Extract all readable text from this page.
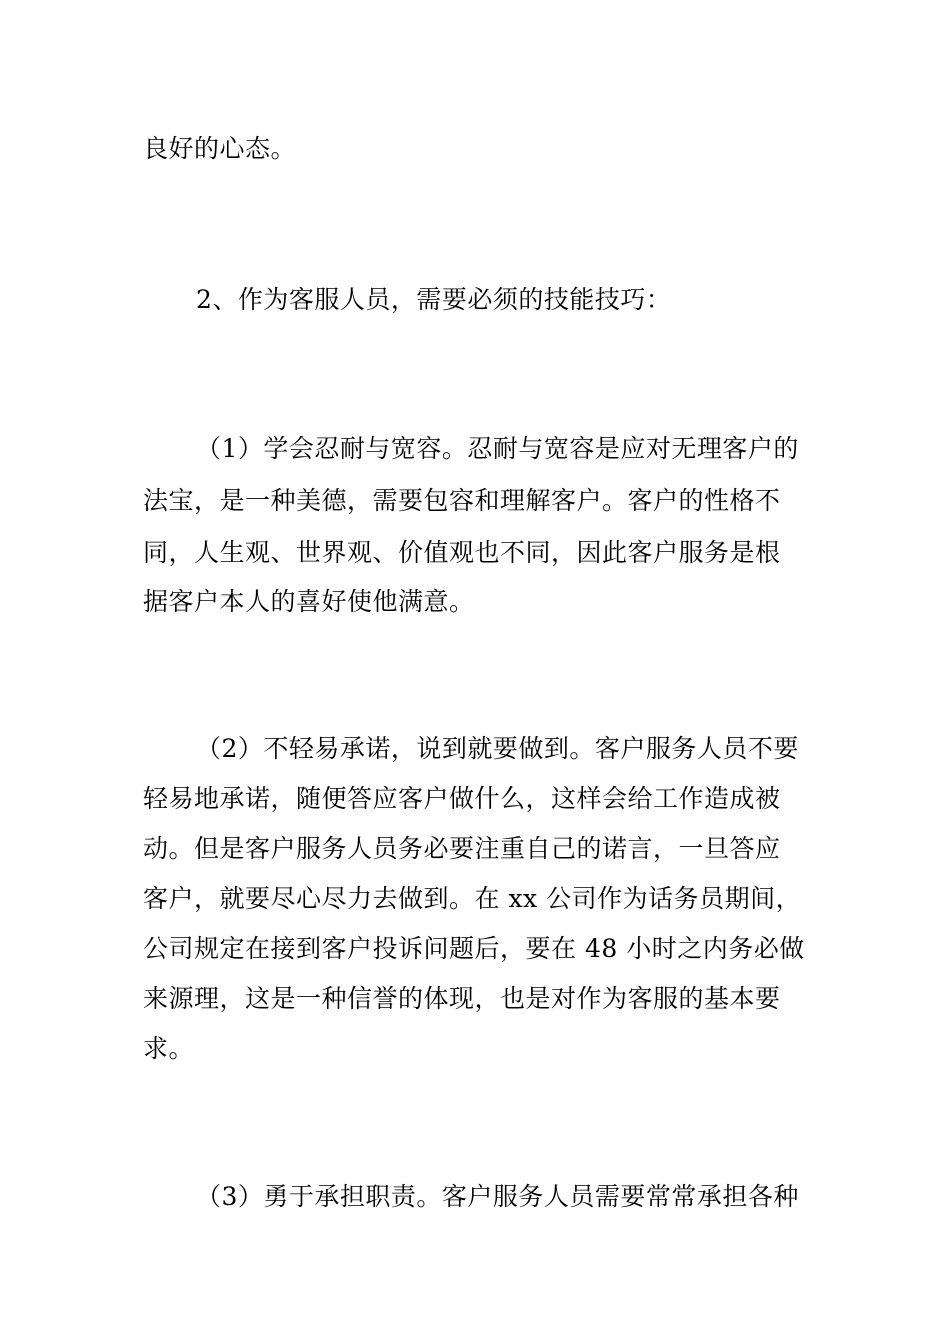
良好的心态。
2、作为客服人员，需要必须的技能技巧：
（1）学会忍耐与宽容。忍耐与宽容是应对无理客户的
法宝，是一种美德，需要包容和理解客户。客户的性格不
同，人生观、世界观、价值观也不同，因此客户服务是根
据客户本人的喜好使他满意。
（2）不轻易承诺，说到就要做到。客户服务人员不要
轻易地承诺，随便答应客户做什么，这样会给工作造成被
动。但是客户服务人员务必要注重自己的诺言，一旦答应
客户，就要尽心尽力去做到。在 xx 公司作为话务员期间，
公司规定在接到客户投诉问题后，要在 48 小时之内务必做
来源理，这是一种信誉的体现，也是对作为客服的基本要
求。
（3）勇于承担职责。客户服务人员需要常常承担各种
